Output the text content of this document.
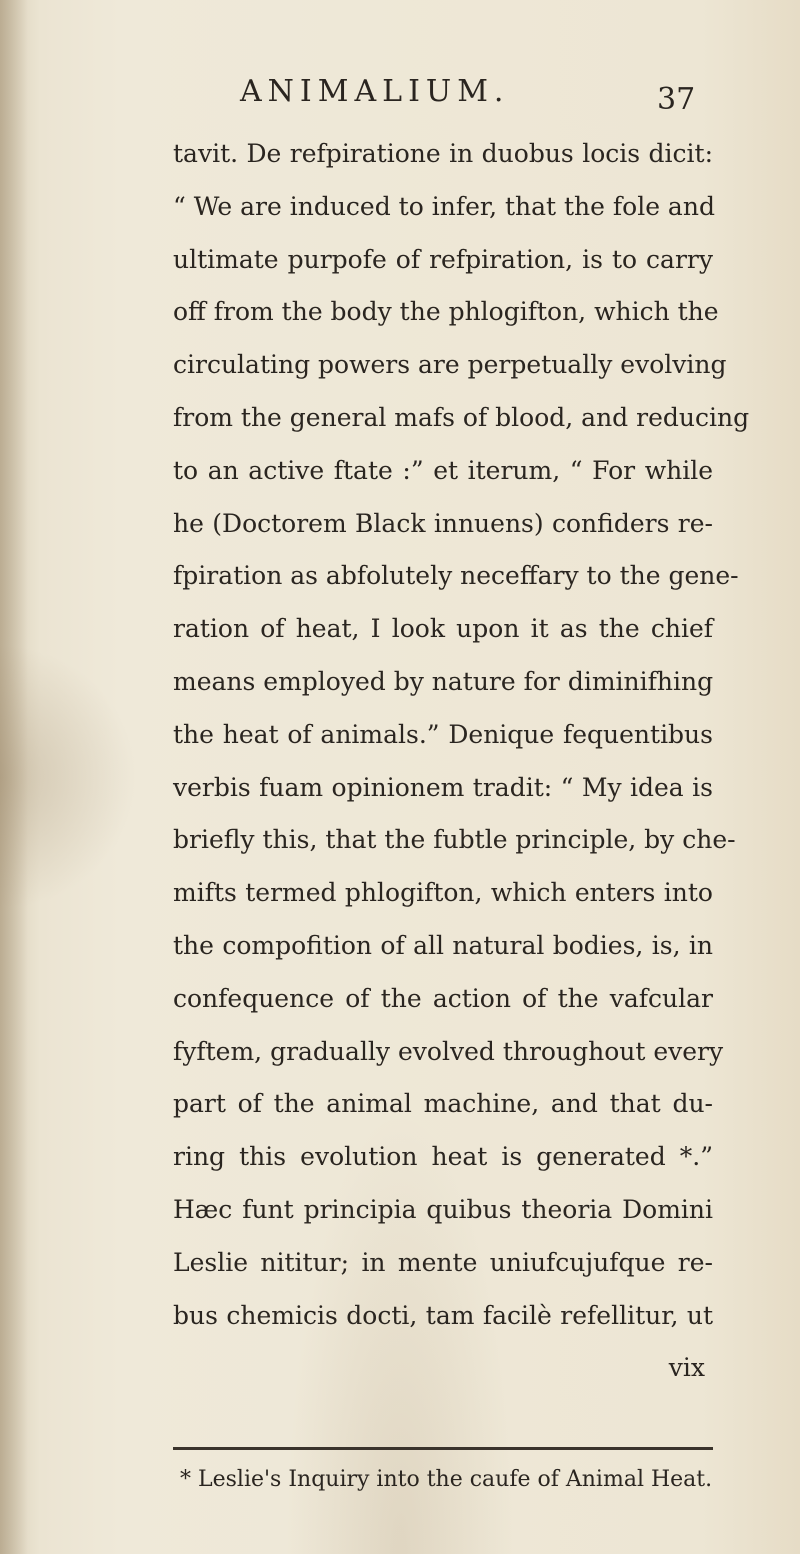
ANIMALIUM.	37
tavit. De refpiratione in duobus locis dicit:
“ We are induced to infer, that the fole and
ultimate purpofe of refpiration, is to carry
off from the body the phlogifton, which the
circulating powers are perpetually evolving
from the general mafs of blood, and reducing
to an active ftate :” et iterum, “ For while
he (Doctorem Black innuens) confiders re-
fpiration as abfolutely neceffary to the gene-
ration of heat, I look upon it as the chief
means employed by nature for diminifhing
the heat of animals.” Denique fequentibus
verbis fuam opinionem tradit: “ My idea is
briefly this, that the fubtle principle, by che-
mifts termed phlogifton, which enters into
the compofition of all natural bodies, is, in
confequence of the action of the vafcular
fyftem, gradually evolved throughout every
part of the animal machine, and that du-
ring this evolution heat is generated *.”
Hæc funt principia quibus theoria Domini
Leslie nititur; in mente uniufcujufque re-
bus chemicis docti, tam facilè refellitur, ut
vix
* Leslie's Inquiry into the caufe of Animal Heat.
